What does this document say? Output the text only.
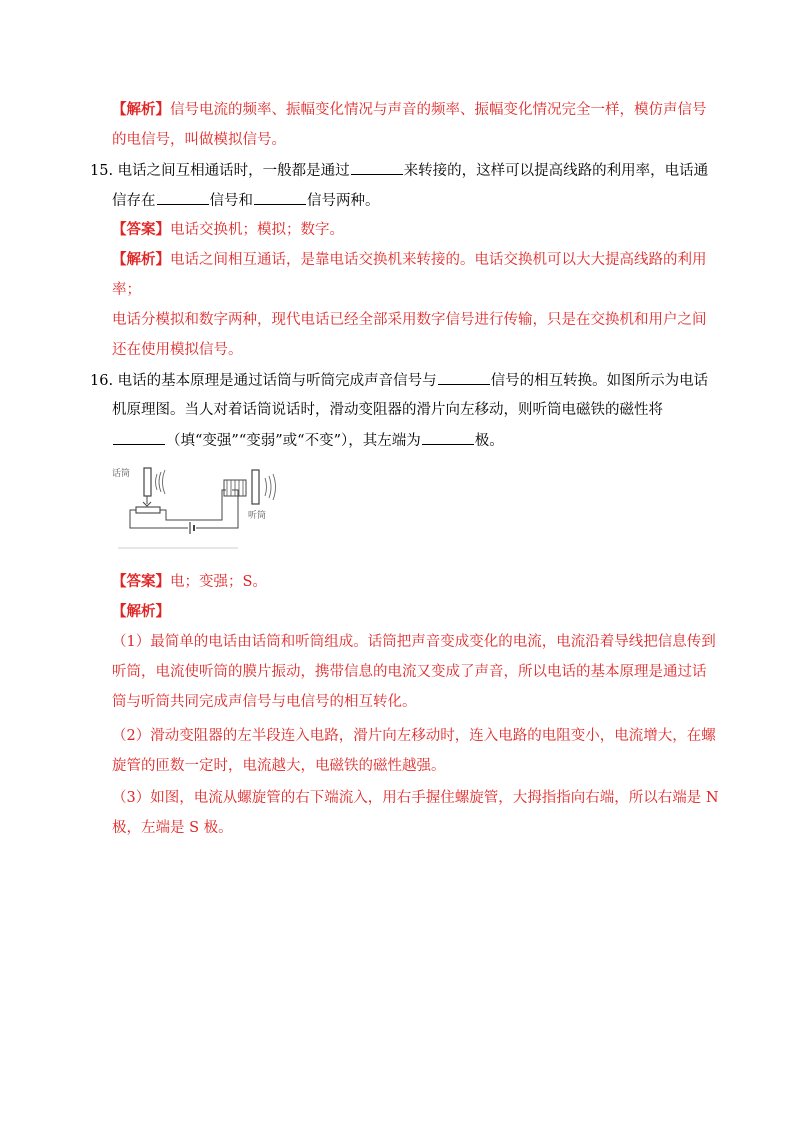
【解析】信号电流的频率、振幅变化情况与声音的频率、振幅变化情况完全一样，模仿声信号
的电信号，叫做模拟信号。
15. 电话之间互相通话时，一般都是通过	来转接的，这样可以提高线路的利用率，电话通
信存在	信号和	信号两种。
【答案】电话交换机；模拟；数字。
【解析】电话之间相互通话，是靠电话交换机来转接的。电话交换机可以大大提高线路的利用
率；
电话分模拟和数字两种，现代电话已经全部采用数字信号进行传输，只是在交换机和用户之间
还在使用模拟信号。
16. 电话的基本原理是通过话筒与听筒完成声音信号与	信号的相互转换。如图所示为电话
机原理图。当人对着话筒说话时，滑动变阻器的滑片向左移动，则听筒电磁铁的磁性将
（填“变强”“变弱”或“不变”），其左端为	极。
话筒
听筒
【答案】电；变强；S。
【解析】
（1）最简单的电话由话筒和听筒组成。话筒把声音变成变化的电流，电流沿着导线把信息传到
听筒，电流使听筒的膜片振动，携带信息的电流又变成了声音，所以电话的基本原理是通过话
筒与听筒共同完成声信号与电信号的相互转化。
（2）滑动变阻器的左半段连入电路，滑片向左移动时，连入电路的电阻变小，电流增大，在螺
旋管的匝数一定时，电流越大，电磁铁的磁性越强。
（3）如图，电流从螺旋管的右下端流入，用右手握住螺旋管，大拇指指向右端，所以右端是 N
极，左端是 S 极。
